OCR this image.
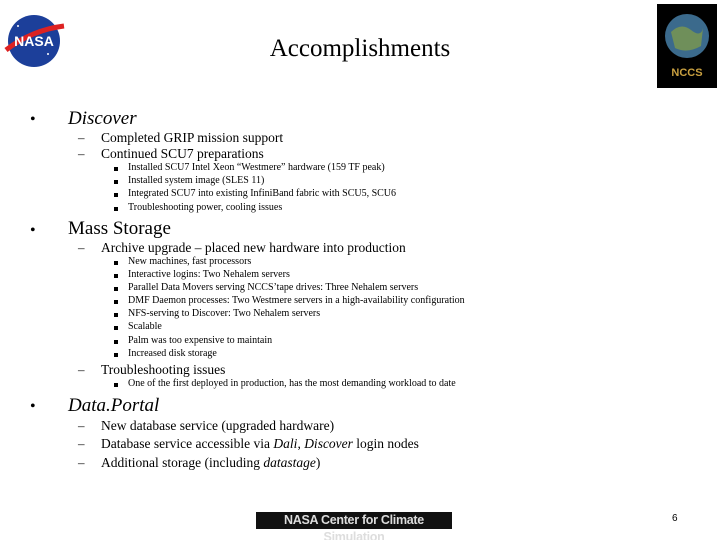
NASA	Accomplishments
NCCS
• Discover
– Completed GRIP mission support
– Continued SCU7 preparations
Installed SCU7 Intel Xeon “Westmere” hardware (159 TF peak)
Installed system image (SLES 11)
Integrated SCU7 into existing InfiniBand fabric with SCU5, SCU6
Troubleshooting power, cooling issues
• Mass Storage
– Archive upgrade – placed new hardware into production
New machines, fast processors
Interactive logins: Two Nehalem servers
Parallel Data Movers serving NCCS’tape drives: Three Nehalem servers
DMF Daemon processes: Two Westmere servers in a high-availability configuration
NFS-serving to Discover: Two Nehalem servers
Scalable
Palm was too expensive to maintain
Increased disk storage
– Troubleshooting issues
One of the first deployed in production, has the most demanding workload to date
• Data.Portal
– New database service (upgraded hardware)
– Database service accessible via Dali, Discover login nodes
– Additional storage (including datastage)
NASA Center for Climate Simulation
6
